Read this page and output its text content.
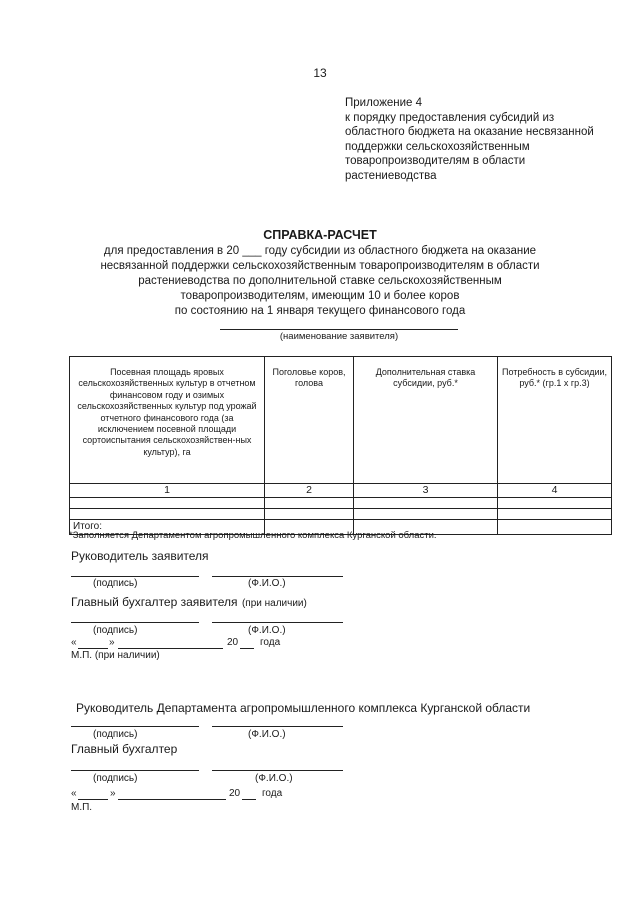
13
Приложение 4
к порядку предоставления субсидий из областного бюджета на оказание несвязанной поддержки сельскохозяйственным товаропроизводителям в области растениеводства
СПРАВКА-РАСЧЕТ
для предоставления в 20 ___ году субсидии из областного бюджета на оказание
несвязанной поддержки сельскохозяйственным товаропроизводителям в области
растениеводства по дополнительной ставке сельскохозяйственным
товаропроизводителям, имеющим 10 и более коров
по состоянию на 1 января текущего финансового года
(наименование заявителя)
Посевная площадь яровых сельскохозяйственных культур в отчетном финансовом году и озимых сельскохозяйственных культур под урожай отчетного финансового года (за исключением посевной площади сортоиспытания сельскохозяйствен-ных культур), га	Поголовье коров, голова	Дополнительная ставка субсидии, руб.*	Потребность в субсидии, руб.* (гр.1 х гр.3)
1	2	3	4

Итого:			
*Заполняется Департаментом агропромышленного комплекса Курганской области.
Руководитель заявителя
(подпись)	(Ф.И.О.)
Главный бухгалтер заявителя (при наличии)
(подпись)	(Ф.И.О.)
«	»	20 года
М.П. (при наличии)
Руководитель Департамента агропромышленного комплекса Курганской области
(подпись)	(Ф.И.О.)
Главный бухгалтер
(подпись)	(Ф.И.О.)
«	»	20 года
М.П.
